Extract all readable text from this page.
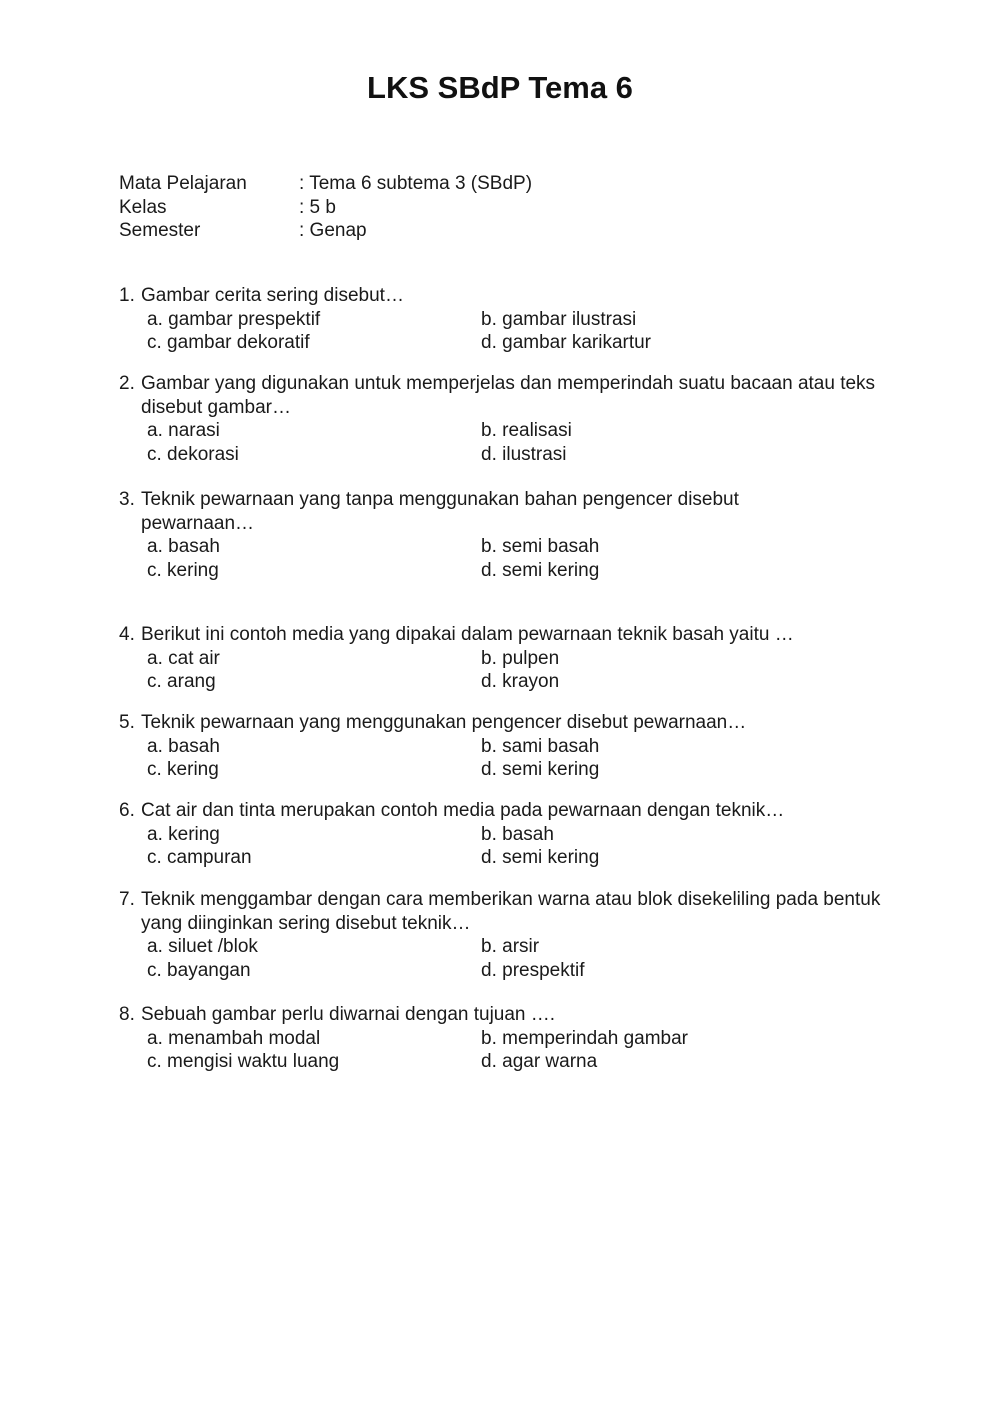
LKS SBdP Tema 6
Mata Pelajaran	: Tema 6 subtema 3 (SBdP)
Kelas	: 5 b
Semester	: Genap
1. Gambar cerita sering disebut…
a. gambar prespektif	b. gambar ilustrasi
c. gambar dekoratif	d. gambar karikartur
2. Gambar yang digunakan untuk memperjelas dan memperindah suatu bacaan atau teks disebut gambar…
a. narasi	b. realisasi
c. dekorasi	d. ilustrasi
3. Teknik pewarnaan yang tanpa menggunakan bahan pengencer disebut pewarnaan…
a. basah	b. semi basah
c. kering	d. semi kering
4. Berikut ini contoh media yang dipakai dalam pewarnaan teknik basah yaitu …
a. cat air	b. pulpen
c. arang	d. krayon
5. Teknik pewarnaan yang menggunakan pengencer disebut pewarnaan…
a. basah	b. sami basah
c. kering	d. semi kering
6. Cat air dan tinta merupakan contoh media pada pewarnaan dengan teknik…
a. kering	b. basah
c. campuran	d. semi kering
7. Teknik menggambar dengan cara memberikan warna atau blok disekeliling pada bentuk yang diinginkan sering disebut teknik…
a. siluet /blok	b. arsir
c. bayangan	d. prespektif
8. Sebuah gambar perlu diwarnai dengan tujuan ….
a. menambah modal	b. memperindah gambar
c. mengisi waktu luang	d. agar warna
